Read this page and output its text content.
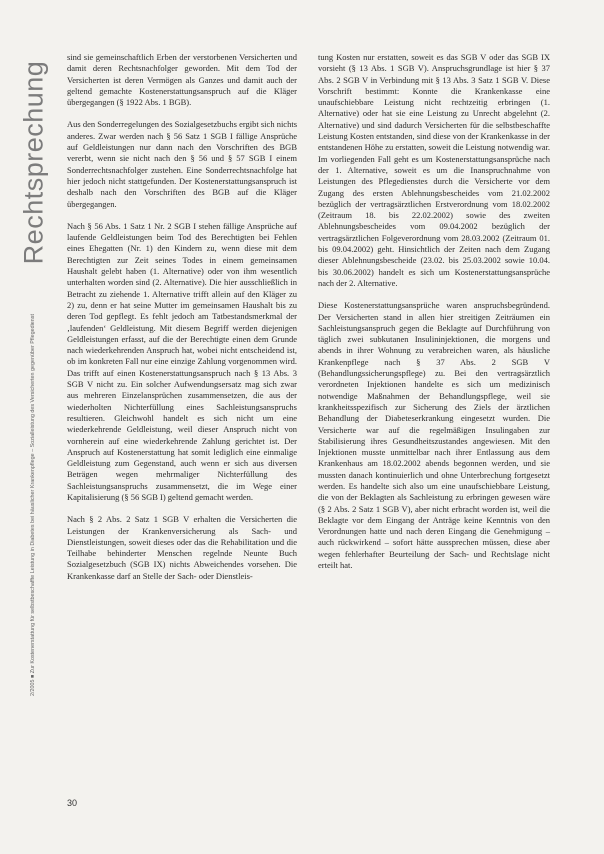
Rechtsprechung
2/2005 ■ Zur Kostenerstattung für selbstbeschaffte Leistung in Diabetes bei häuslicher Krankenpflege – Sozialleistung des Versicherten gegenüber Pflegedienst

sind sie gemeinschaftlich Erben der verstorbenen Versicherten und damit deren Rechtsnachfolger geworden. Mit dem Tod der Versicherten ist deren Vermögen als Ganzes und damit auch der geltend gemachte Kostenerstattungsanspruch auf die Kläger übergegangen (§ 1922 Abs. 1 BGB).

Aus den Sonderregelungen des Sozialgesetzbuchs ergibt sich nichts anderes. Zwar werden nach § 56 Satz 1 SGB I fällige Ansprüche auf Geldleistungen nur dann nach den Vorschriften des BGB vererbt, wenn sie nicht nach den § 56 und § 57 SGB I einem Sonderrechtsnachfolger zustehen. Eine Sonderrechtsnachfolge hat hier jedoch nicht stattgefunden. Der Kostenerstattungsanspruch ist deshalb nach den Vorschriften des BGB auf die Kläger übergegangen.

Nach § 56 Abs. 1 Satz 1 Nr. 2 SGB I stehen fällige Ansprüche auf laufende Geldleistungen beim Tod des Berechtigten bei Fehlen eines Ehegatten (Nr. 1) den Kindern zu, wenn diese mit dem Berechtigten zur Zeit seines Todes in einem gemeinsamen Haushalt gelebt haben (1. Alternative) oder von ihm wesentlich unterhalten worden sind (2. Alternative). Die hier ausschließlich in Betracht zu ziehende 1. Alternative trifft allein auf den Kläger zu 2) zu, denn er hat seine Mutter im gemeinsamen Haushalt bis zu deren Tod gepflegt. Es fehlt jedoch am Tatbestandsmerkmal der ‚laufenden‘ Geldleistung. Mit diesem Begriff werden diejenigen Geldleistungen erfasst, auf die der Berechtigte einen dem Grunde nach wiederkehrenden Anspruch hat, wobei nicht entscheidend ist, ob im konkreten Fall nur eine einzige Zahlung vorgenommen wird. Das trifft auf einen Kostenerstattungsanspruch nach § 13 Abs. 3 SGB V nicht zu. Ein solcher Aufwendungsersatz mag sich zwar aus mehreren Einzelansprüchen zusammensetzen, die aus der wiederholten Nichterfüllung eines Sachleistungsanspruchs resultieren. Gleichwohl handelt es sich nicht um eine wiederkehrende Geldleistung, weil dieser Anspruch nicht von vornherein auf eine wiederkehrende Zahlung gerichtet ist. Der Anspruch auf Kostenerstattung hat somit lediglich eine einmalige Geldleistung zum Gegenstand, auch wenn er sich aus diversen Beträgen wegen mehrmaliger Nichterfüllung des Sachleistungsanspruchs zusammensetzt, die im Wege einer Kapitalisierung (§ 56 SGB I) geltend gemacht werden.

Nach § 2 Abs. 2 Satz 1 SGB V erhalten die Versicherten die Leistungen der Krankenversicherung als Sach- und Dienstleistungen, soweit dieses oder das die Rehabilitation und die Teilhabe behinderter Menschen regelnde Neunte Buch Sozialgesetzbuch (SGB IX) nichts Abweichendes vorsehen. Die Krankenkasse darf an Stelle der Sach- oder Dienstleis-

tung Kosten nur erstatten, soweit es das SGB V oder das SGB IX vorsieht (§ 13 Abs. 1 SGB V). Anspruchsgrundlage ist hier § 37 Abs. 2 SGB V in Verbindung mit § 13 Abs. 3 Satz 1 SGB V. Diese Vorschrift bestimmt: Konnte die Krankenkasse eine unaufschiebbare Leistung nicht rechtzeitig erbringen (1. Alternative) oder hat sie eine Leistung zu Unrecht abgelehnt (2. Alternative) und sind dadurch Versicherten für die selbstbeschaffte Leistung Kosten entstanden, sind diese von der Krankenkasse in der entstandenen Höhe zu erstatten, soweit die Leistung notwendig war. Im vorliegenden Fall geht es um Kostenerstattungsansprüche nach der 1. Alternative, soweit es um die Inanspruchnahme von Leistungen des Pflegedienstes durch die Versicherte vor dem Zugang des ersten Ablehnungsbescheides vom 21.02.2002 bezüglich der vertragsärztlichen Erstverordnung vom 18.02.2002 (Zeitraum 18. bis 22.02.2002) sowie des zweiten Ablehnungsbescheides vom 09.04.2002 bezüglich der vertragsärztlichen Folgeverordnung vom 28.03.2002 (Zeitraum 01. bis 09.04.2002) geht. Hinsichtlich der Zeiten nach dem Zugang dieser Ablehnungsbescheide (23.02. bis 25.03.2002 sowie 10.04. bis 30.06.2002) handelt es sich um Kostenerstattungsansprüche nach der 2. Alternative.

Diese Kostenerstattungsansprüche waren anspruchsbegründend. Der Versicherten stand in allen hier streitigen Zeiträumen ein Sachleistungsanspruch gegen die Beklagte auf Durchführung von täglich zwei subkutanen Insulininjektionen, die morgens und abends in ihrer Wohnung zu verabreichen waren, als häusliche Krankenpflege nach § 37 Abs. 2 SGB V (Behandlungssicherungspflege) zu. Bei den vertragsärztlich verordneten Injektionen handelte es sich um medizinisch notwendige Maßnahmen der Behandlungspflege, weil sie krankheitsspezifisch zur Sicherung des Ziels der ärztlichen Behandlung der Diabeteserkrankung eingesetzt wurden. Die Versicherte war auf die regelmäßigen Insulingaben zur Stabilisierung ihres Gesundheitszustandes angewiesen. Mit den Injektionen musste unmittelbar nach ihrer Entlassung aus dem Krankenhaus am 18.02.2002 abends begonnen werden, und sie mussten danach kontinuierlich und ohne Unterbrechung fortgesetzt werden. Es handelte sich also um eine unaufschiebbare Leistung, die von der Beklagten als Sachleistung zu erbringen gewesen wäre (§ 2 Abs. 2 Satz 1 SGB V), aber nicht erbracht worden ist, weil die Beklagte vor dem Eingang der Anträge keine Kenntnis von den Verordnungen hatte und nach deren Eingang die Genehmigung – auch rückwirkend – sofort hätte aussprechen müssen, diese aber wegen fehlerhafter Beurteilung der Sach- und Rechtslage nicht erteilt hat.

30
